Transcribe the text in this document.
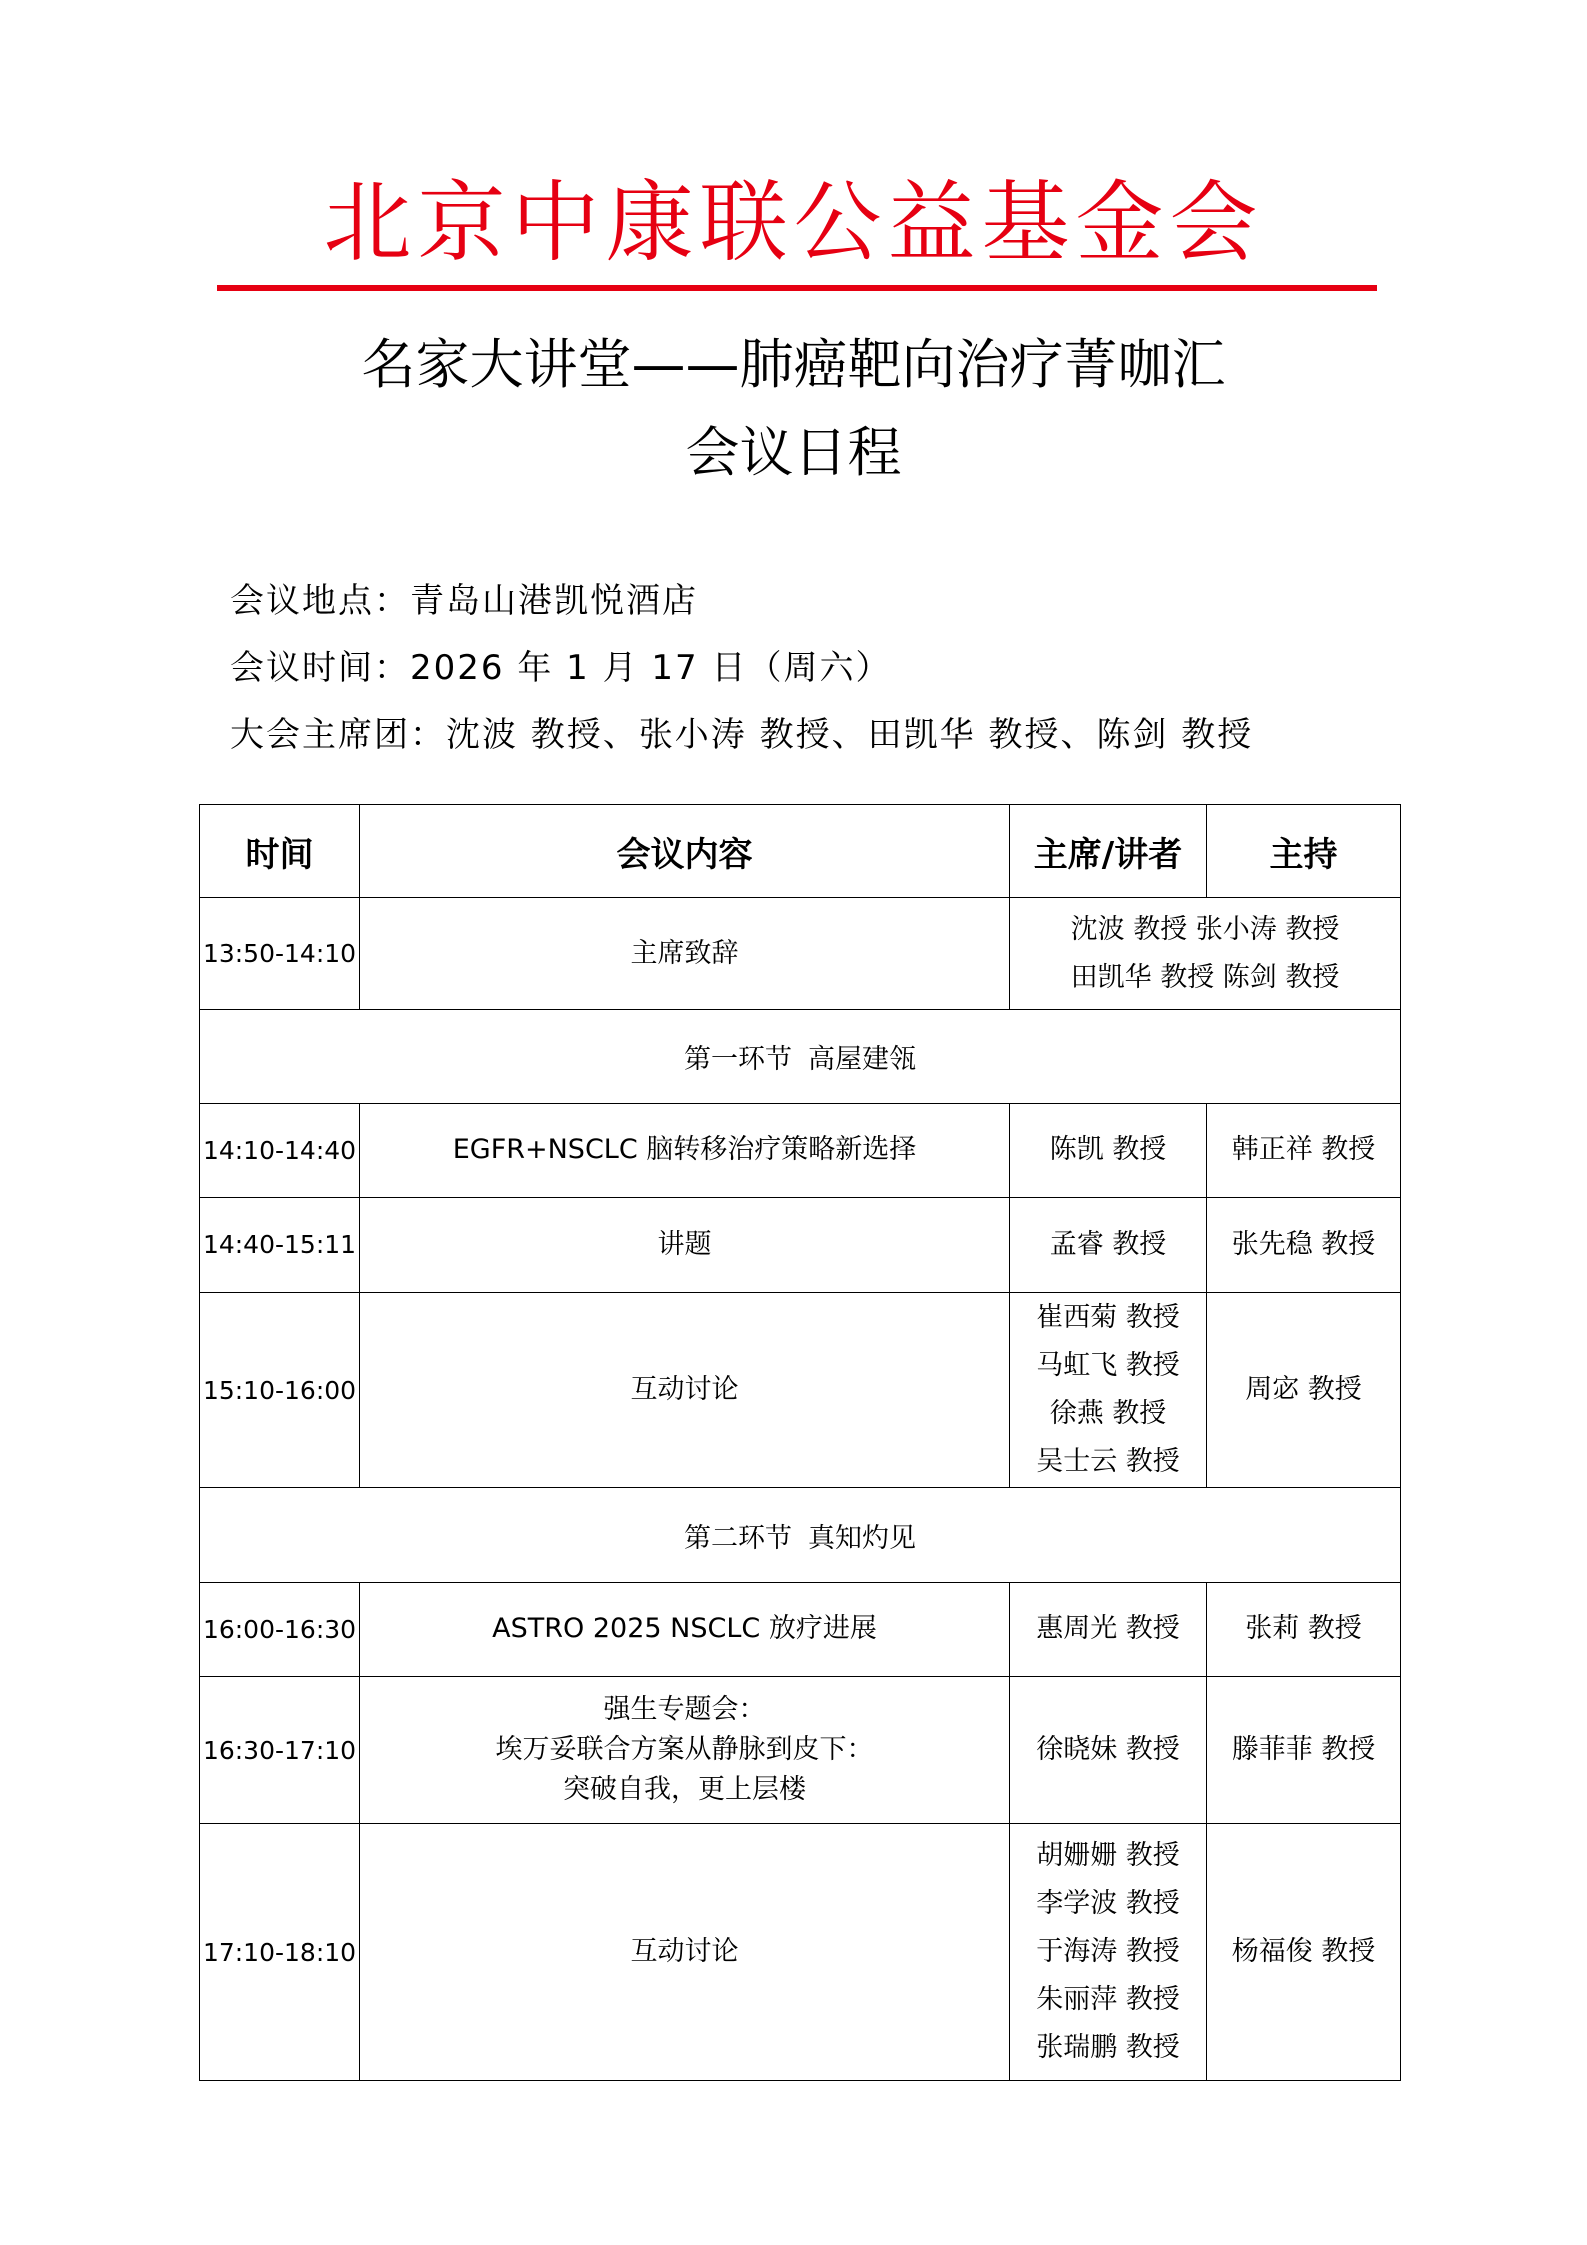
北京中康联公益基金会
名家大讲堂——肺癌靶向治疗菁咖汇
会议日程
会议地点：青岛山港凯悦酒店
会议时间：2026 年 1 月 17 日（周六）
大会主席团：沈波 教授 、 张小涛 教授 、 田凯华 教授 、 陈剑 教授
时间	会议内容	主席/讲者	主持
13:50-14:10	主席致辞	沈波 教授 张小涛 教授
田凯华 教授 陈剑 教授	

第一环节 高屋建瓴			
14:10-14:40	EGFR+NSCLC 脑转移治疗策略新选择	陈凯 教授	韩正祥 教授
14:40-15:11	讲题	孟睿 教授	张先稳 教授
15:10-16:00	互动讨论	崔西菊 教授
马虹飞 教授
徐燕 教授
吴士云 教授	周宓 教授
第二环节 真知灼见			
16:00-16:30	ASTRO 2025 NSCLC 放疗进展	惠周光 教授	张莉 教授
16:30-17:10	强生专题会：
埃万妥联合方案从静脉到皮下：
突破自我，更上层楼	徐晓妹 教授	滕菲菲 教授
17:10-18:10	互动讨论	胡姗姗 教授
李学波 教授
于海涛 教授
朱丽萍 教授
张瑞鹏 教授	杨福俊 教授
